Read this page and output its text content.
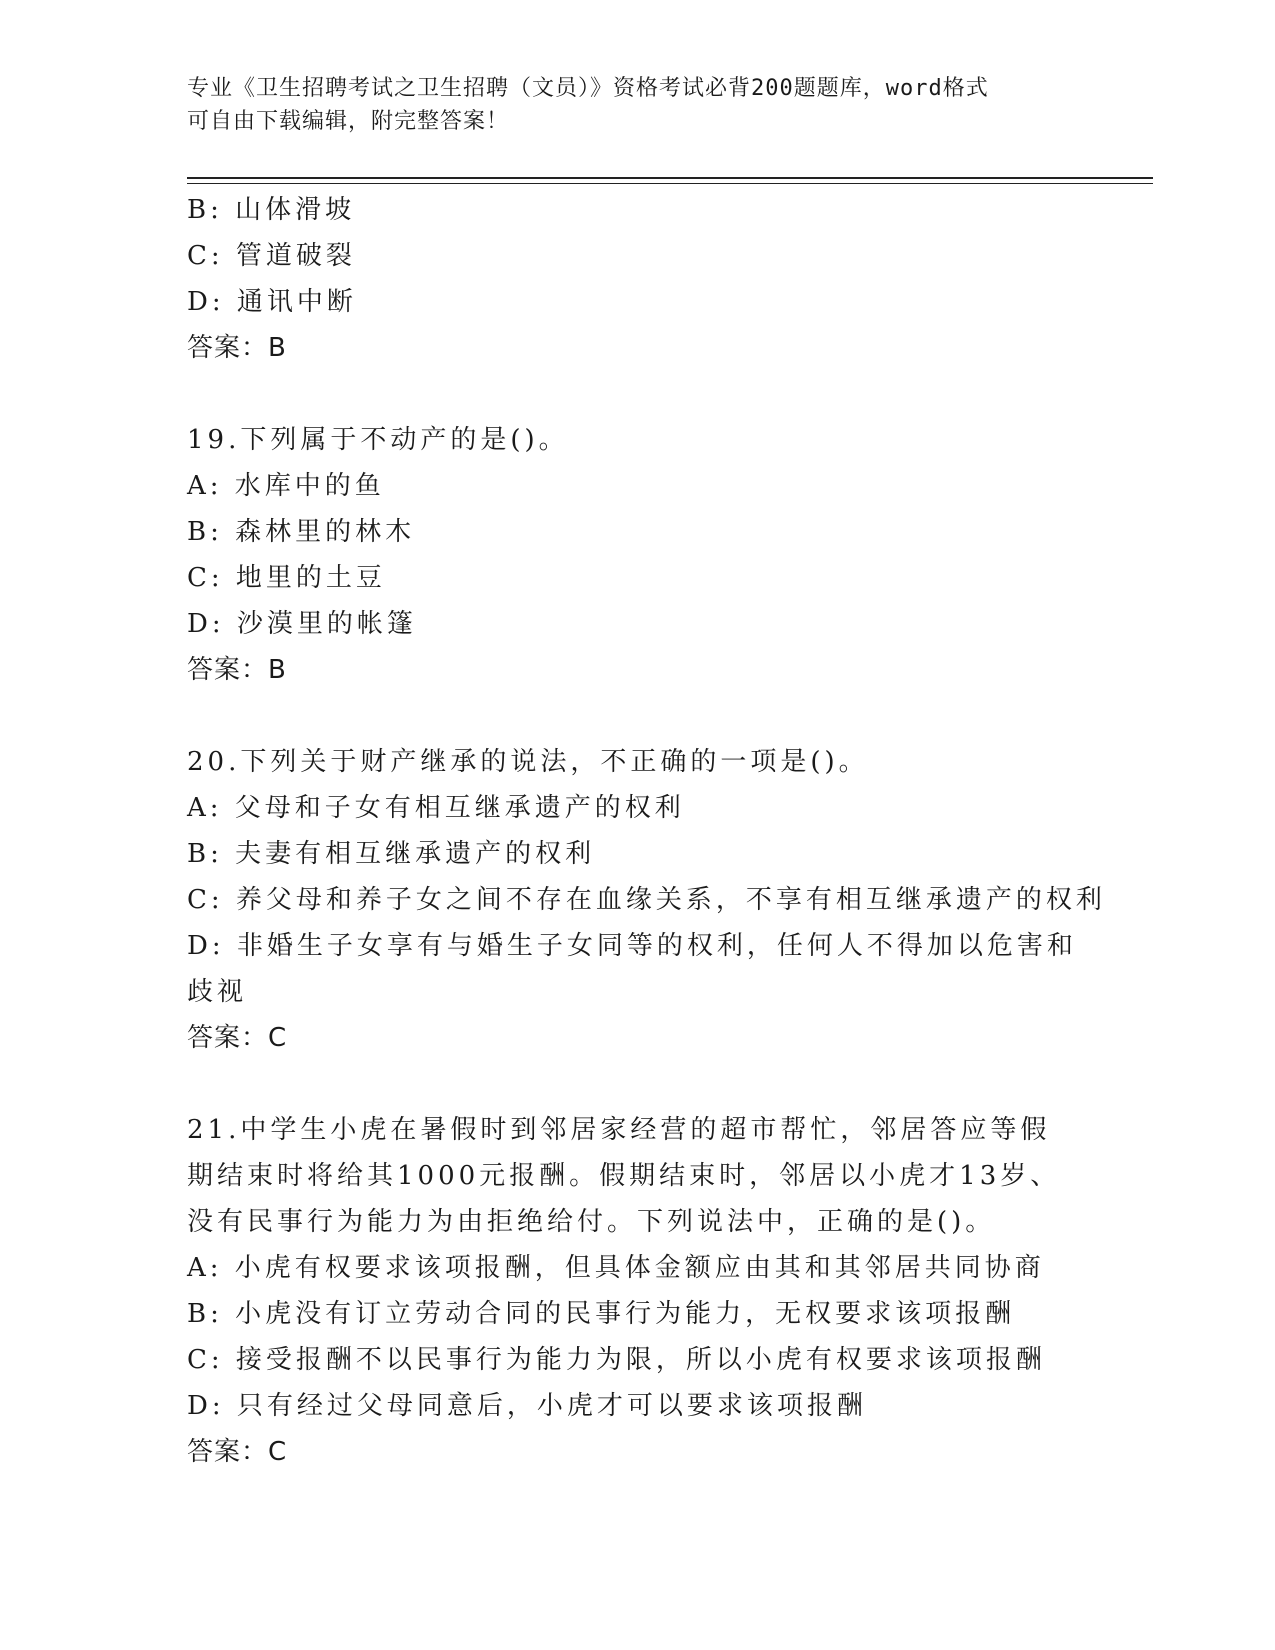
专业《卫生招聘考试之卫生招聘（文员）》资格考试必背200题题库，word格式
可自由下载编辑，附完整答案！
B: 山体滑坡
C: 管道破裂
D: 通讯中断
答案：B
19.下列属于不动产的是()。
A: 水库中的鱼
B: 森林里的林木
C: 地里的土豆
D: 沙漠里的帐篷
答案：B
20.下列关于财产继承的说法，不正确的一项是()。
A: 父母和子女有相互继承遗产的权利
B: 夫妻有相互继承遗产的权利
C: 养父母和养子女之间不存在血缘关系，不享有相互继承遗产的权利
D: 非婚生子女享有与婚生子女同等的权利，任何人不得加以危害和歧视
答案：C
21.中学生小虎在暑假时到邻居家经营的超市帮忙，邻居答应等假期结束时将给其1000元报酬。假期结束时，邻居以小虎才13岁、没有民事行为能力为由拒绝给付。下列说法中，正确的是()。
A: 小虎有权要求该项报酬，但具体金额应由其和其邻居共同协商
B: 小虎没有订立劳动合同的民事行为能力，无权要求该项报酬
C: 接受报酬不以民事行为能力为限，所以小虎有权要求该项报酬
D: 只有经过父母同意后，小虎才可以要求该项报酬
答案：C
